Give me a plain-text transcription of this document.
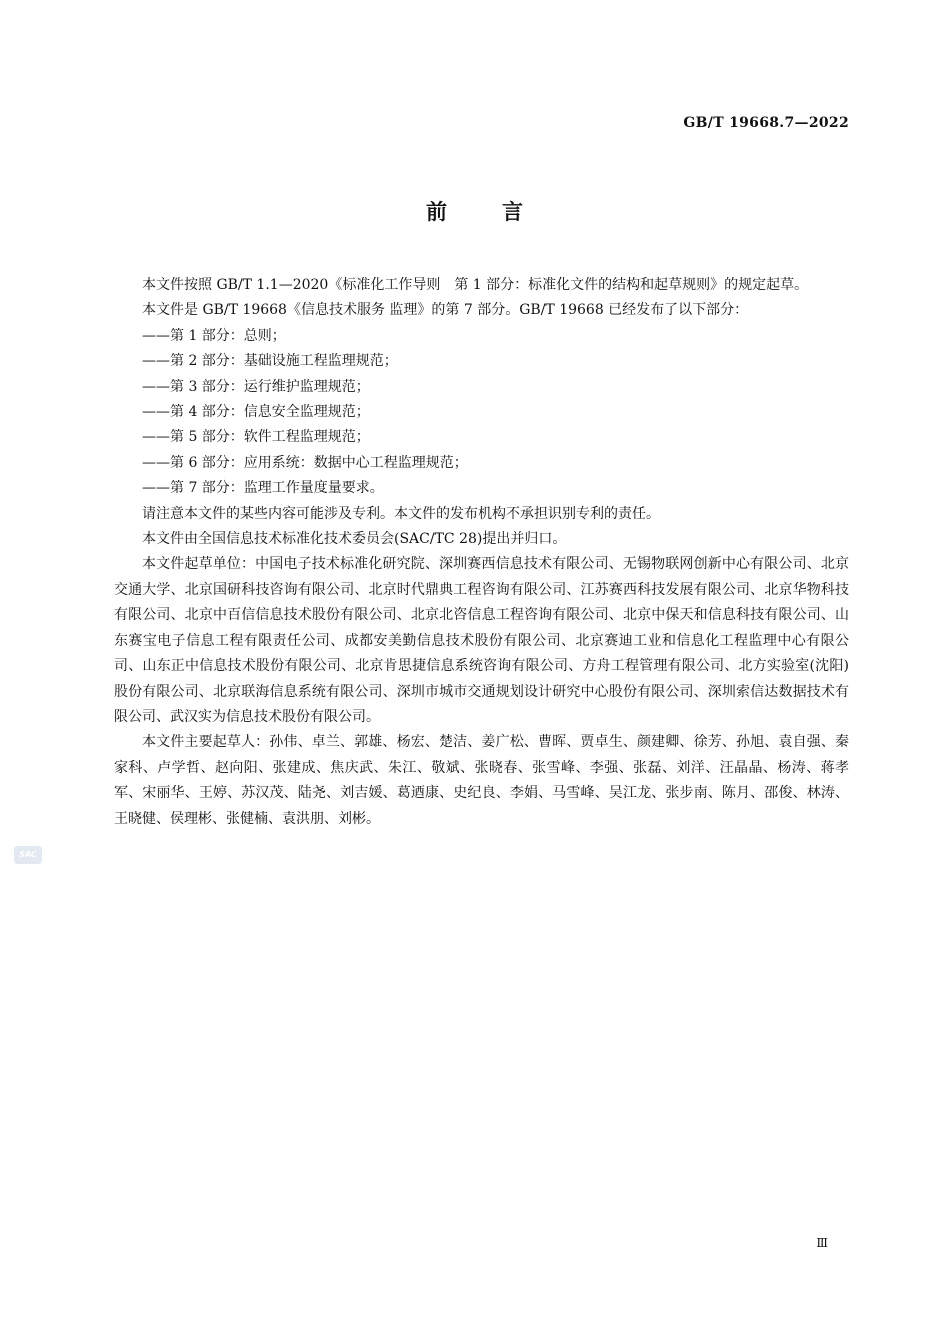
GB/T 19668.7—2022
前	言

本文件按照 GB/T 1.1—2020《标准化工作导则　第 1 部分：标准化文件的结构和起草规则》的规定起草。

本文件是 GB/T 19668《信息技术服务 监理》的第 7 部分。GB/T 19668 已经发布了以下部分：

——第 1 部分：总则；

——第 2 部分：基础设施工程监理规范；

——第 3 部分：运行维护监理规范；

——第 4 部分：信息安全监理规范；

——第 5 部分：软件工程监理规范；

——第 6 部分：应用系统：数据中心工程监理规范；

——第 7 部分：监理工作量度量要求。

请注意本文件的某些内容可能涉及专利。本文件的发布机构不承担识别专利的责任。

本文件由全国信息技术标准化技术委员会(SAC/TC 28)提出并归口。

本文件起草单位：中国电子技术标准化研究院、深圳赛西信息技术有限公司、无锡物联网创新中心有限公司、北京交通大学、北京国研科技咨询有限公司、北京时代鼎典工程咨询有限公司、江苏赛西科技发展有限公司、北京华物科技有限公司、北京中百信信息技术股份有限公司、北京北咨信息工程咨询有限公司、北京中保天和信息科技有限公司、山东赛宝电子信息工程有限责任公司、成都安美勤信息技术股份有限公司、北京赛迪工业和信息化工程监理中心有限公司、山东正中信息技术股份有限公司、北京肯思捷信息系统咨询有限公司、方舟工程管理有限公司、北方实验室(沈阳)股份有限公司、北京联海信息系统有限公司、深圳市城市交通规划设计研究中心股份有限公司、深圳索信达数据技术有限公司、武汉实为信息技术股份有限公司。

本文件主要起草人：孙伟、卓兰、郭雄、杨宏、楚洁、姜广松、曹晖、贾卓生、颜建卿、徐芳、孙旭、袁自强、秦家科、卢学哲、赵向阳、张建成、焦庆武、朱江、敬斌、张晓春、张雪峰、李强、张磊、刘洋、汪晶晶、杨涛、蒋孝军、宋丽华、王婷、苏汉茂、陆尧、刘吉媛、葛迺康、史纪良、李娟、马雪峰、吴江龙、张步南、陈月、邵俊、林涛、王晓健、侯理彬、张健楠、袁洪朋、刘彬。

SAC
Ⅲ
